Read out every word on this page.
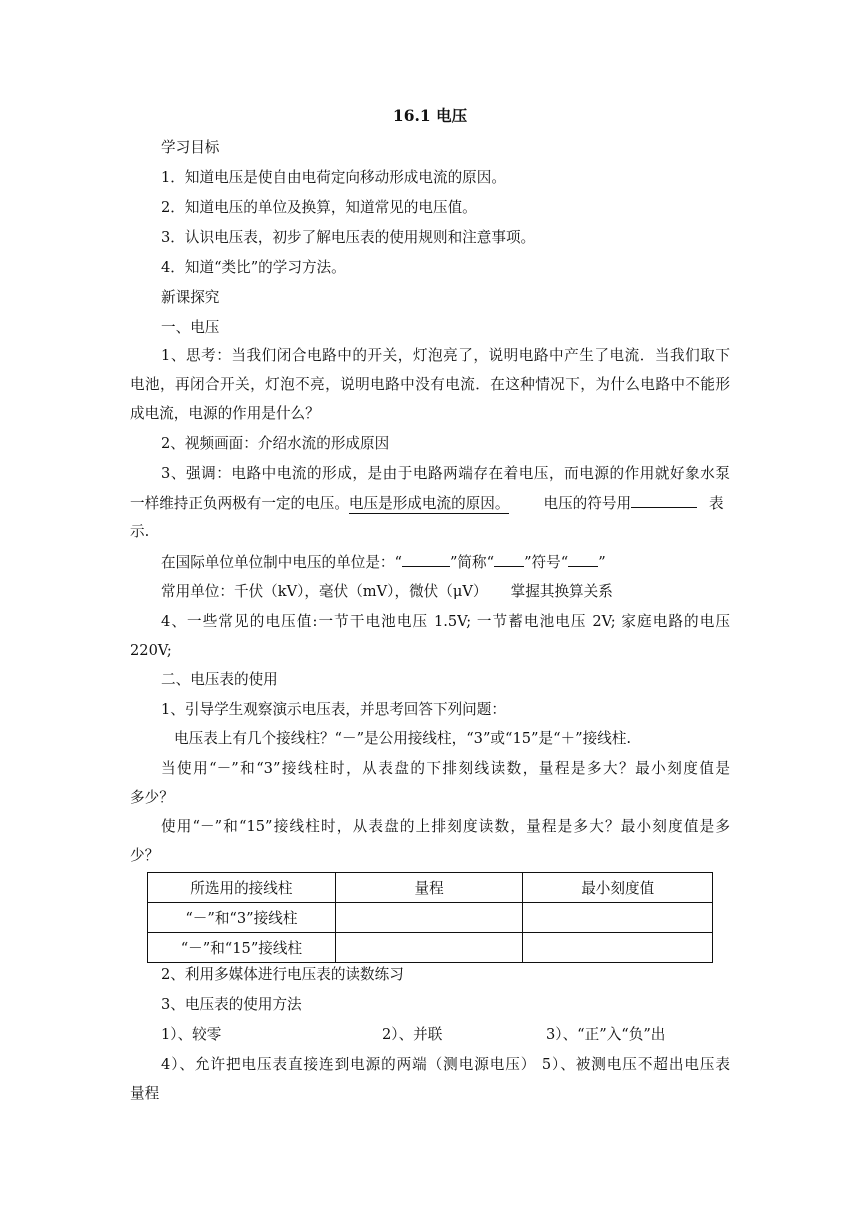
16.1 电压
学习目标
1．知道电压是使自由电荷定向移动形成电流的原因。
2．知道电压的单位及换算，知道常见的电压值。
3．认识电压表，初步了解电压表的使用规则和注意事项。
4．知道“类比”的学习方法。
新课探究
一、电压
1、思考：当我们闭合电路中的开关，灯泡亮了，说明电路中产生了电流．当我们取下
电池，再闭合开关，灯泡不亮，说明电路中没有电流．在这种情况下，为什么电路中不能形
成电流，电源的作用是什么？
2、视频画面：介绍水流的形成原因
3、强调：电路中电流的形成，是由于电路两端存在着电压，而电源的作用就好象水泵
一样维持正负两极有一定的电压。电压是形成电流的原因。 电压的符号用	表
示.
在国际单位单位制中电压的单位是：“	”简称“ ”符号“ ”
常用单位：千伏（kV），毫伏（mV），微伏（μV）     掌握其换算关系
4、一些常见的电压值:一节干电池电压 1.5V; 一节蓄电池电压 2V; 家庭电路的电压
220V;
二、电压表的使用
1、引导学生观察演示电压表，并思考回答下列问题：
电压表上有几个接线柱？“－”是公用接线柱，“3”或“15”是“＋”接线柱.
当使用“－”和“3”接线柱时，从表盘的下排刻线读数，量程是多大？最小刻度值是
多少？
使用“－”和“15”接线柱时，从表盘的上排刻度读数，量程是多大？最小刻度值是多
少？
所选用的接线柱	量程	最小刻度值
“－”和“3”接线柱		
“－”和“15”接线柱		
2、利用多媒体进行电压表的读数练习
3、电压表的使用方法
1）、较零	2）、并联	3）、“正”入“负”出
4）、允许把电压表直接连到电源的两端（测电源电压） 5）、被测电压不超出电压表
量程
